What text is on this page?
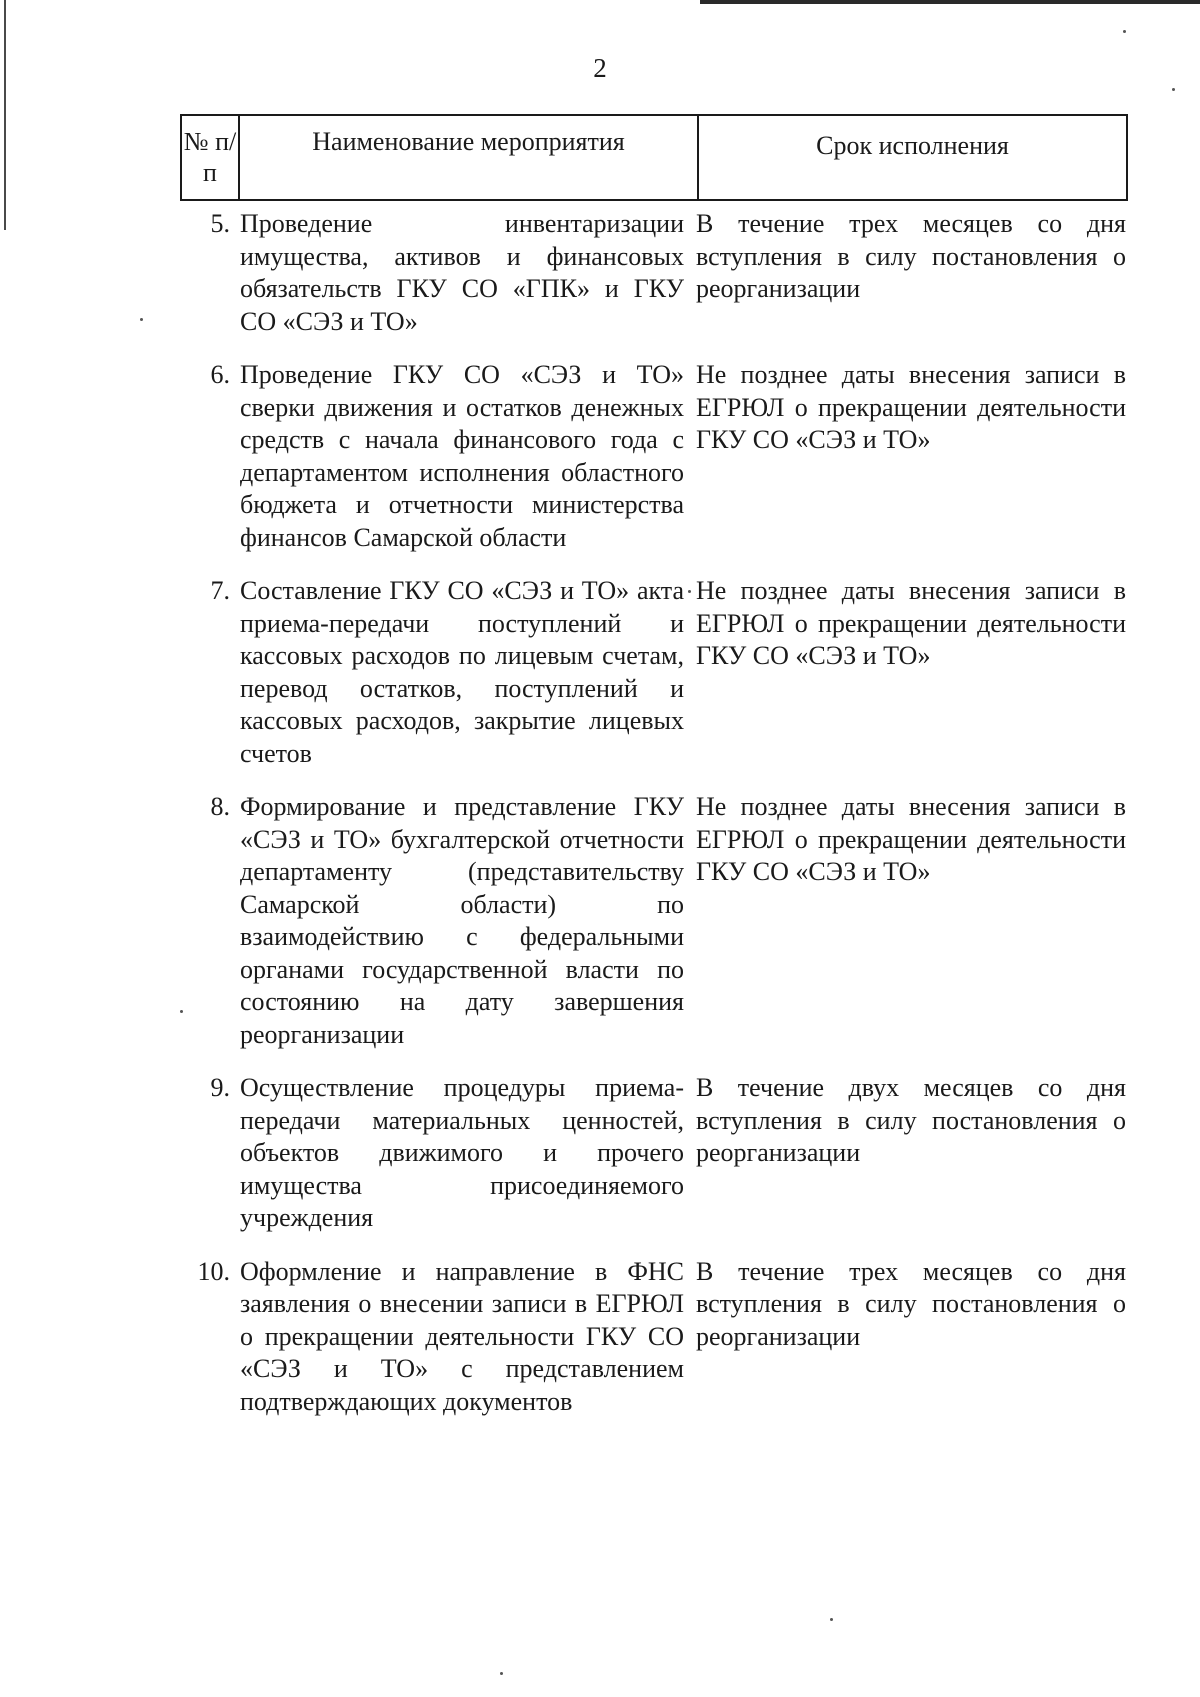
2
№ п/п
Наименование мероприятия	Срок исполнения
5. Проведение инвентаризации имущества, активов и финансовых обязательств ГКУ СО «ГПК» и ГКУ СО «СЭЗ и ТО»
В течение трех месяцев со дня вступления в силу постановления о реорганизации
6. Проведение ГКУ СО «СЭЗ и ТО» сверки движения и остатков денежных средств с начала финансового года с департаментом исполнения областного бюджета и отчетности министерства финансов Самарской области
Не позднее даты внесения записи в ЕГРЮЛ о прекращении деятельности ГКУ СО «СЭЗ и ТО»
7. Составление ГКУ СО «СЭЗ и ТО» акта приема-передачи поступлений и кассовых расходов по лицевым счетам, перевод остатков, поступлений и кассовых расходов, закрытие лицевых счетов
Не позднее даты внесения записи в ЕГРЮЛ о прекращении деятельности ГКУ СО «СЭЗ и ТО»
8. Формирование и представление ГКУ «СЭЗ и ТО» бухгалтерской отчетности департаменту (представительству Самарской области) по взаимодействию с федеральными органами государственной власти по состоянию на дату завершения реорганизации
Не позднее даты внесения записи в ЕГРЮЛ о прекращении деятельности ГКУ СО «СЭЗ и ТО»
9. Осуществление процедуры приема-передачи материальных ценностей, объектов движимого и прочего имущества присоединяемого учреждения
В течение двух месяцев со дня вступления в силу постановления о реорганизации
10. Оформление и направление в ФНС заявления о внесении записи в ЕГРЮЛ о прекращении деятельности ГКУ СО «СЭЗ и ТО» с представлением подтверждающих документов
В течение трех месяцев со дня вступления в силу постановления о реорганизации
